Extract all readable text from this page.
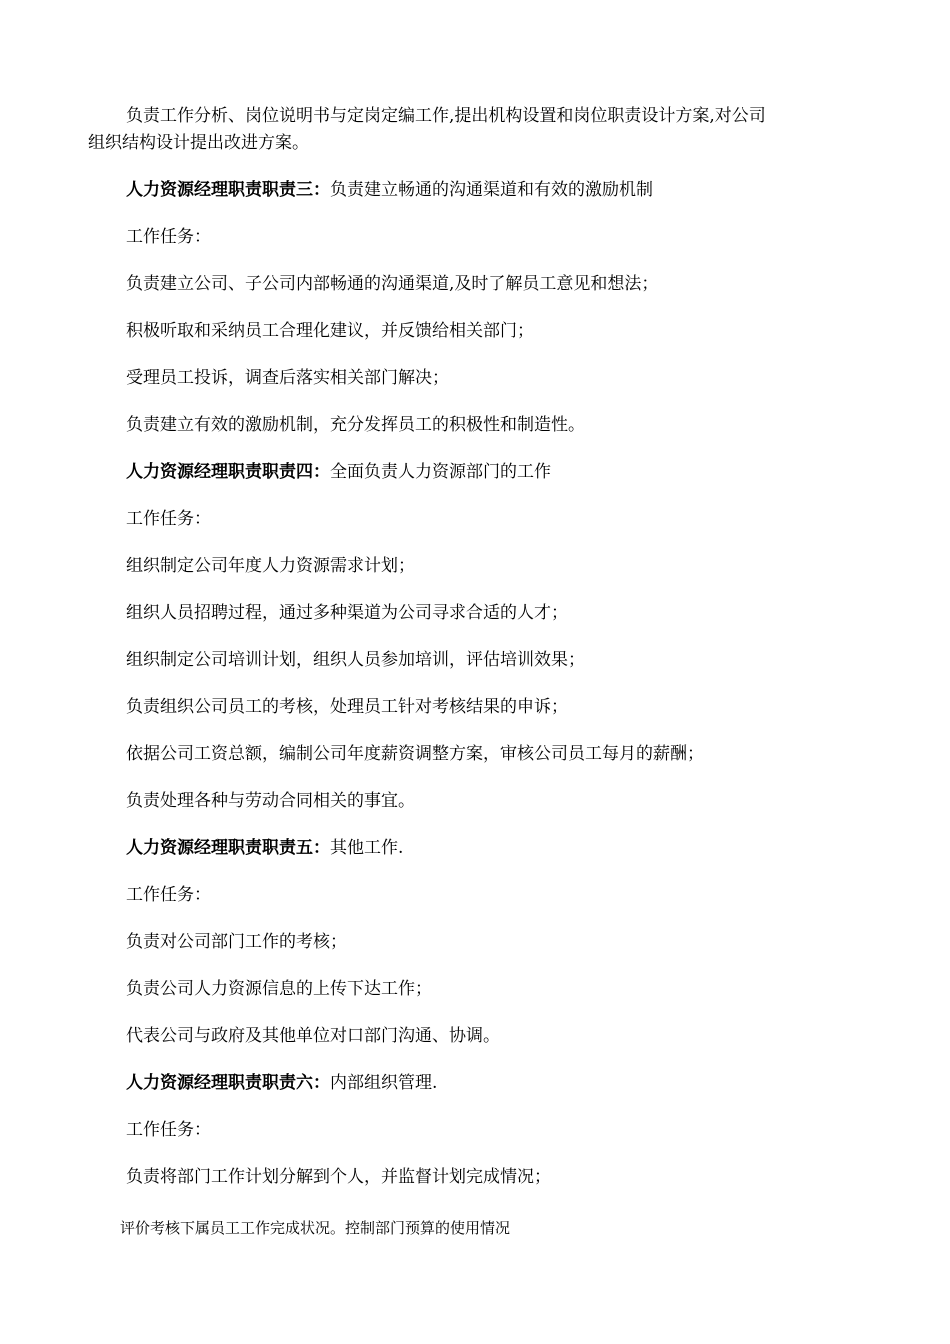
负责工作分析、岗位说明书与定岗定编工作,提出机构设置和岗位职责设计方案,对公司
组织结构设计提出改进方案。
人力资源经理职责职责三：负责建立畅通的沟通渠道和有效的激励机制
工作任务：
负责建立公司、子公司内部畅通的沟通渠道,及时了解员工意见和想法；
积极听取和采纳员工合理化建议，并反馈给相关部门；
受理员工投诉，调查后落实相关部门解决；
负责建立有效的激励机制，充分发挥员工的积极性和制造性。
人力资源经理职责职责四：全面负责人力资源部门的工作
工作任务：
组织制定公司年度人力资源需求计划；
组织人员招聘过程，通过多种渠道为公司寻求合适的人才；
组织制定公司培训计划，组织人员参加培训，评估培训效果；
负责组织公司员工的考核，处理员工针对考核结果的申诉；
依据公司工资总额，编制公司年度薪资调整方案，审核公司员工每月的薪酬；
负责处理各种与劳动合同相关的事宜。
人力资源经理职责职责五：其他工作.
工作任务：
负责对公司部门工作的考核；
负责公司人力资源信息的上传下达工作；
代表公司与政府及其他单位对口部门沟通、协调。
人力资源经理职责职责六：内部组织管理.
工作任务：
负责将部门工作计划分解到个人，并监督计划完成情况；
评价考核下属员工工作完成状况。控制部门预算的使用情况
